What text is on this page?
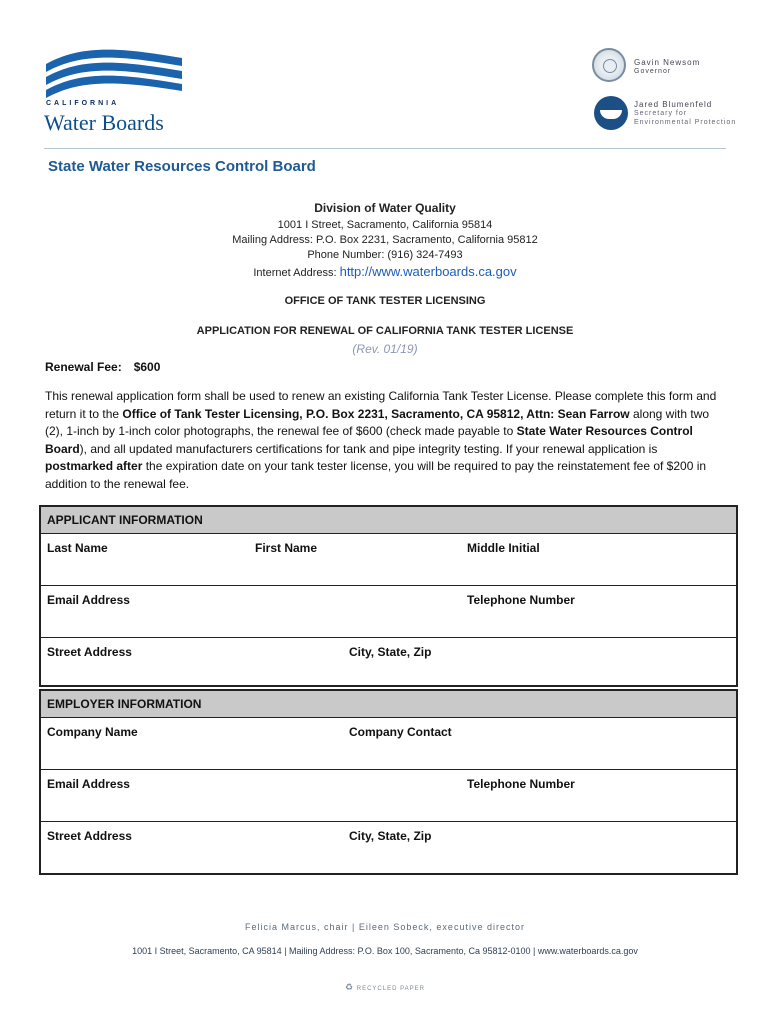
CALIFORNIA
Water Boards
Gavin Newsom
Governor
Jared Blumenfeld
Secretary for
Environmental Protection
State Water Resources Control Board
Division of Water Quality
1001 I Street, Sacramento, California 95814
Mailing Address: P.O. Box 2231, Sacramento, California 95812
Phone Number: (916) 324-7493
Internet Address: http://www.waterboards.ca.gov
OFFICE OF TANK TESTER LICENSING
APPLICATION FOR RENEWAL OF CALIFORNIA TANK TESTER LICENSE
(Rev. 01/19)
Renewal Fee: $600
This renewal application form shall be used to renew an existing California Tank Tester License. Please complete this form and return it to the Office of Tank Tester Licensing, P.O. Box 2231, Sacramento, CA 95812, Attn: Sean Farrow along with two (2), 1-inch by 1-inch color photographs, the renewal fee of $600 (check made payable to State Water Resources Control Board), and all updated manufacturers certifications for tank and pipe integrity testing. If your renewal application is postmarked after the expiration date on your tank tester license, you will be required to pay the reinstatement fee of $200 in addition to the renewal fee.
APPLICANT INFORMATION
Last Name	First Name	Middle Initial
Email Address	Telephone Number
Street Address	City, State, Zip
EMPLOYER INFORMATION
Company Name	Company Contact
Email Address	Telephone Number
Street Address	City, State, Zip
Felicia Marcus, chair | Eileen Sobeck, executive director
1001 I Street, Sacramento, CA 95814 | Mailing Address: P.O. Box 100, Sacramento, Ca 95812-0100 | www.waterboards.ca.gov
♻ RECYCLED PAPER
